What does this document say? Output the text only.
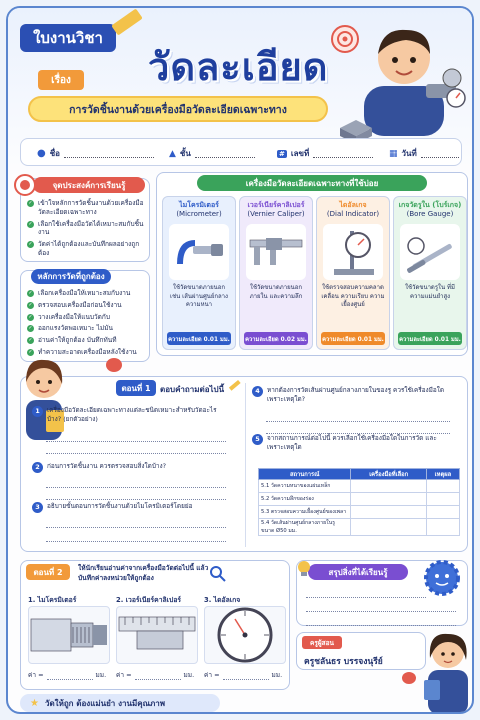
ใบงานวิชา
วัดละเอียด
เรื่อง
การวัดชิ้นงานด้วยเครื่องมือวัดละเอียดเฉพาะทาง
● ชื่อ	▲ ชั้น	# เลขที่	▦ วันที่
จุดประสงค์การเรียนรู้
✓ เข้าใจหลักการวัดชิ้นงานด้วยเครื่องมือวัดละเอียดเฉพาะทาง
✓ เลือกใช้เครื่องมือวัดได้เหมาะสมกับชิ้นงาน
✓ วัดค่าได้ถูกต้องและบันทึกผลอย่างถูกต้อง
หลักการวัดที่ถูกต้อง
✓ เลือกเครื่องมือให้เหมาะสมกับงาน
✓ ตรวจสอบเครื่องมือก่อนใช้งาน
✓ วางเครื่องมือให้แนบวัดกับ
✓ ออกแรงวัดพอเหมาะ ไม่มัน
✓ อ่านค่าให้ถูกต้อง บันทึกทันที
✓ ทำความสะอาดเครื่องมือหลังใช้งาน
เครื่องมือวัดละเอียดเฉพาะทางที่ใช้บ่อย
ตอนที่ 1	ตอบคำถามต่อไปนี้
สถานการณ์	เครื่องมือที่เลือก	เหตุผล
5.1 วัดความหนาของแผ่นเหล็ก		
5.2 วัดความลึกของร่อง		
5.3 ตรวจสอบความเยื้องศูนย์ของเพลา		
5.4 วัดเส้นผ่านศูนย์กลางภายในรู ขนาด Ø50 มม.		
ตอนที่ 2	ให้นักเรียนอ่านค่าจากเครื่องมือวัดต่อไปนี้ แล้วบันทึกค่าลงหน่วยให้ถูกต้อง
สรุปสิ่งที่ได้เรียนรู้
ครูผู้สอน
ครูชลันธร บรรจงนุรีย์
★ วัดให้ถูก ต้องแม่นยำ งานมีคุณภาพ
ไมโครมิเตอร์
(Micrometer)
ใช้วัดขนาดภายนอก เช่น เส้นผ่านศูนย์กลาง ความหนา
ความละเอียด 0.01 มม.
เวอร์เนียร์คาลิเปอร์
(Vernier Caliper)
ใช้วัดขนาดภายนอก ภายใน และความลึก
ความละเอียด 0.02 มม.
ไดอัลเกจ
(Dial Indicator)
ใช้ตรวจสอบความคลาดเคลื่อน ความเรียบ ความเยื้องศูนย์
ความละเอียด 0.01 มม.
เกจวัดรูใน (โบร์เกจ)
(Bore Gauge)
ใช้วัดขนาดรูใน ที่มีความแม่นยำสูง
ความละเอียด 0.01 มม.
1	เครื่องมือวัดละเอียดเฉพาะทางแต่ละชนิดเหมาะสำหรับวัดอะไรบ้าง? (ยกตัวอย่าง)
2	ก่อนการวัดชิ้นงาน ควรตรวจสอบสิ่งใดบ้าง?
3	อธิบายขั้นตอนการวัดชิ้นงานด้วยไมโครมิเตอร์โดยย่อ
4	หากต้องการวัดเส้นผ่านศูนย์กลางภายในของรู ควรใช้เครื่องมือใด เพราะเหตุใด?
5	จากสถานการณ์ต่อไปนี้ ควรเลือกใช้เครื่องมือใดในการวัด และเพราะเหตุใด
1. ไมโครมิเตอร์
ค่า =	มม.
2. เวอร์เนียร์คาลิเปอร์
ค่า =	มม.
3. ไดอัลเกจ
ค่า =	มม.
